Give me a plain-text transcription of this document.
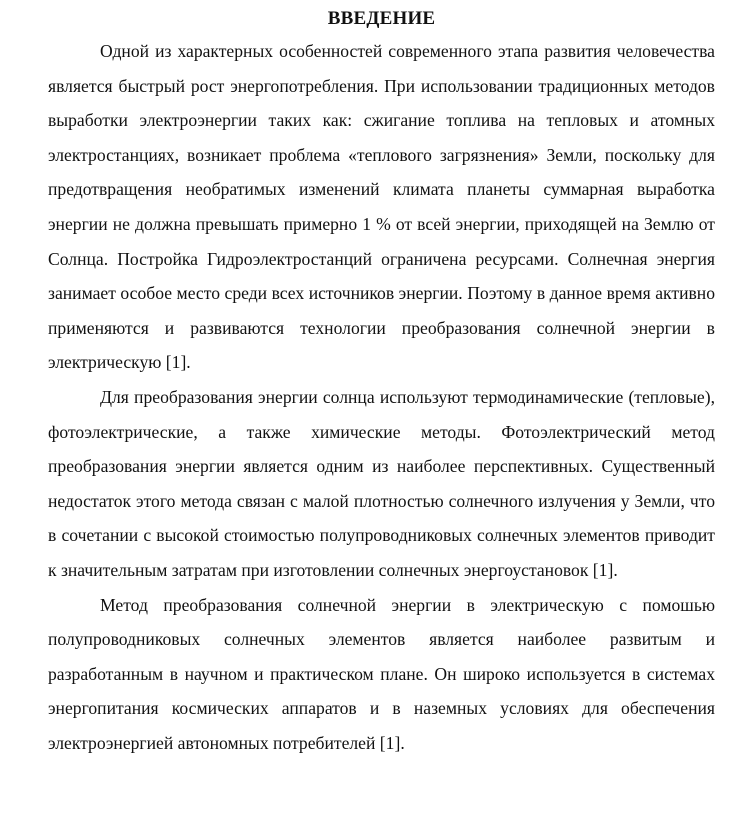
ВВЕДЕНИЕ

Одной из характерных особенностей современного этапа развития человечества является быстрый рост энергопотребления. При использовании традиционных методов выработки электроэнергии таких как: сжигание топлива на тепловых и атомных электростанциях, возникает проблема «теплового загрязнения» Земли, поскольку для предотвращения необратимых изменений климата планеты суммарная выработка энергии не должна превышать примерно 1 % от всей энергии, приходящей на Землю от Солнца. Постройка Гидроэлектростанций ограничена ресурсами. Солнечная энергия занимает особое место среди всех источников энергии. Поэтому в данное время активно применяются и развиваются технологии преобразования солнечной энергии в электрическую [1].

Для преобразования энергии солнца используют термодинамические (тепловые), фотоэлектрические, а также химические методы. Фотоэлектрический метод преобразования энергии является одним из наиболее перспективных. Существенный недостаток этого метода связан с малой плотностью солнечного излучения у Земли, что в сочетании с высокой стоимостью полупроводниковых солнечных элементов приводит к значительным затратам при изготовлении солнечных энергоустановок [1].

Метод преобразования солнечной энергии в электрическую с помошью полупроводниковых солнечных элементов является наиболее развитым и разработанным в научном и практическом плане. Он широко используется в системах энергопитания космических аппаратов и в наземных условиях для обеспечения электроэнергией автономных потребителей [1].
